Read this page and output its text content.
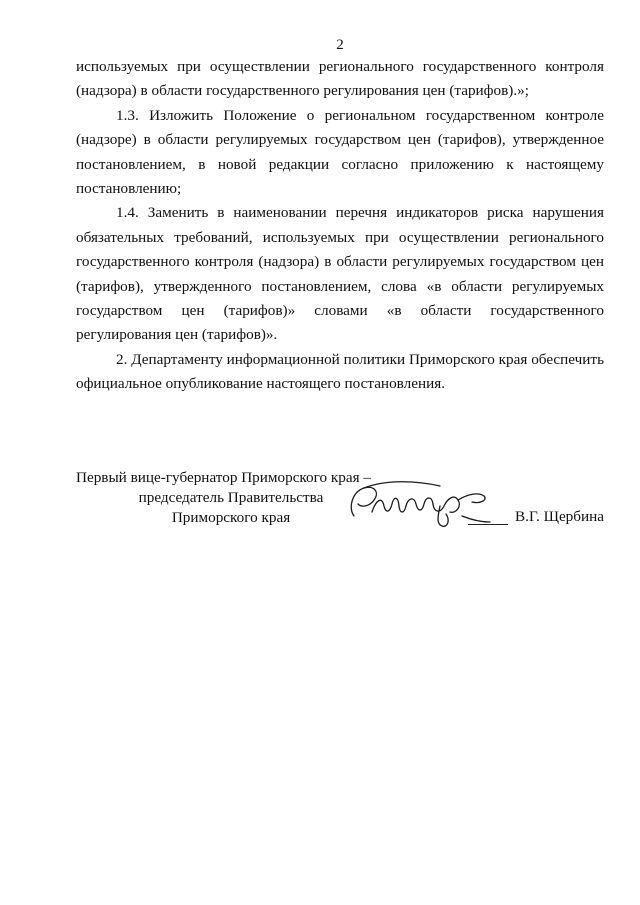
2

используемых при осуществлении регионального государственного контроля (надзора) в области государственного регулирования цен (тарифов).»;

1.3. Изложить Положение о региональном государственном контроле (надзоре) в области регулируемых государством цен (тарифов), утвержденное постановлением, в новой редакции согласно приложению к настоящему постановлению;

1.4. Заменить в наименовании перечня индикаторов риска нарушения обязательных требований, используемых при осуществлении регионального государственного контроля (надзора) в области регулируемых государством цен (тарифов), утвержденного постановлением, слова «в области регулируемых государством цен (тарифов)» словами «в области государственного регулирования цен (тарифов)».

2. Департаменту информационной политики Приморского края обеспечить официальное опубликование настоящего постановления.

Первый вице-губернатор Приморского края –
председатель Правительства
Приморского края	В.Г. Щербина
